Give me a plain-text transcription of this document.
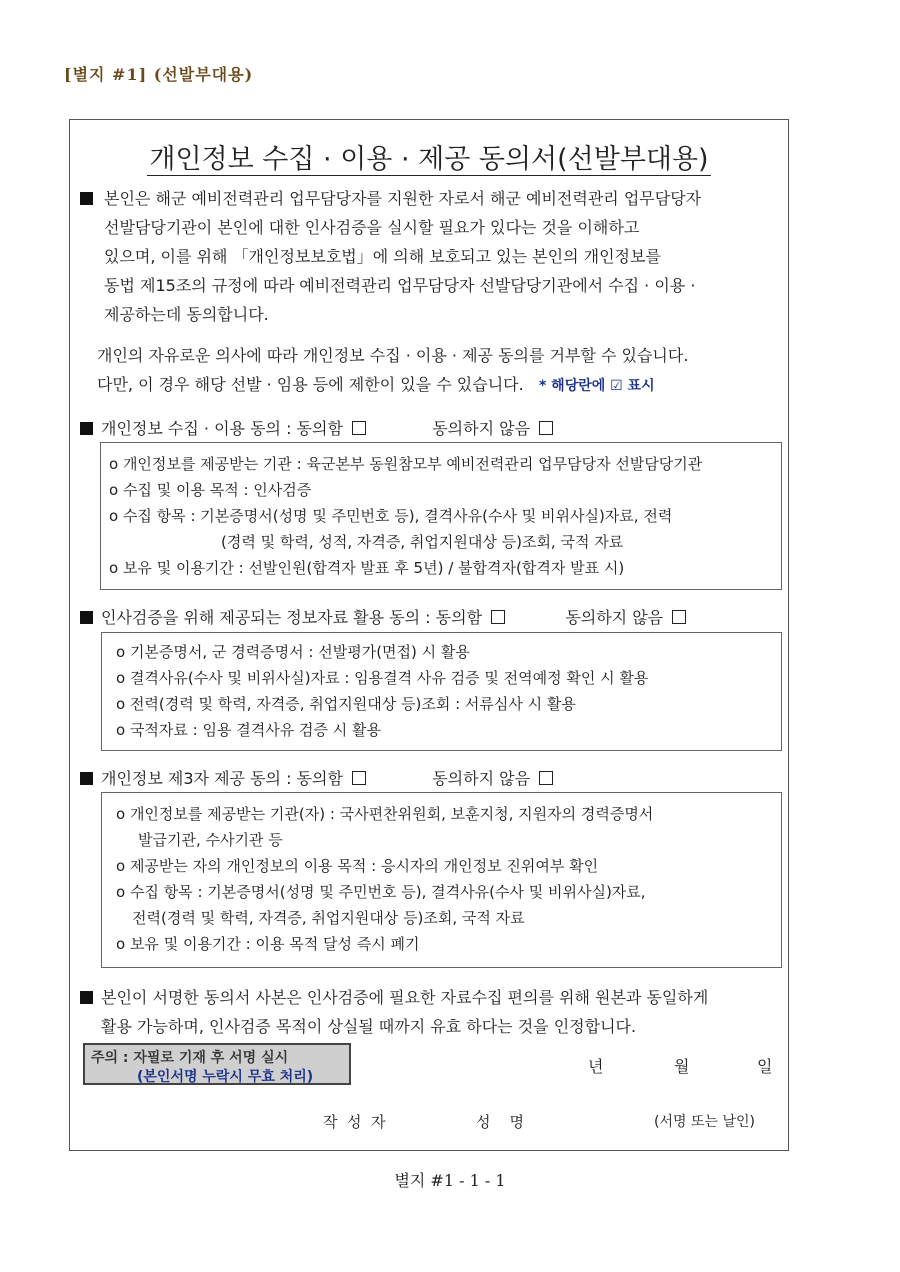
[별지 #1] (선발부대용)
개인정보 수집 · 이용 · 제공 동의서(선발부대용)
본인은 해군 예비전력관리 업무담당자를 지원한 자로서 해군 예비전력관리 업무담당자
선발담당기관이 본인에 대한 인사검증을 실시할 필요가 있다는 것을 이해하고
있으며, 이를 위해 「개인정보보호법」에 의해 보호되고 있는 본인의 개인정보를
동법 제15조의 규정에 따라 예비전력관리 업무담당자 선발담당기관에서 수집 · 이용 ·
제공하는데 동의합니다.
개인의 자유로운 의사에 따라 개인정보 수집 · 이용 · 제공 동의를 거부할 수 있습니다.
다만, 이 경우 해당 선발 · 임용 등에 제한이 있을 수 있습니다. * 해당란에 ☑ 표시
개인정보 수집 · 이용 동의 : 동의함	동의하지 않음
o 개인정보를 제공받는 기관 : 육군본부 동원참모부 예비전력관리 업무담당자 선발담당기관
o 수집 및 이용 목적 : 인사검증
o 수집 항목 : 기본증명서(성명 및 주민번호 등), 결격사유(수사 및 비위사실)자료, 전력
(경력 및 학력, 성적, 자격증, 취업지원대상 등)조회, 국적 자료
o 보유 및 이용기간 : 선발인원(합격자 발표 후 5년) / 불합격자(합격자 발표 시)
인사검증을 위해 제공되는 정보자료 활용 동의 : 동의함	동의하지 않음
o 기본증명서, 군 경력증명서 : 선발평가(면접) 시 활용
o 결격사유(수사 및 비위사실)자료 : 임용결격 사유 검증 및 전역예정 확인 시 활용
o 전력(경력 및 학력, 자격증, 취업지원대상 등)조회 : 서류심사 시 활용
o 국적자료 : 임용 결격사유 검증 시 활용
개인정보 제3자 제공 동의 : 동의함	동의하지 않음
o 개인정보를 제공받는 기관(자) : 국사편찬위원회, 보훈지청, 지원자의 경력증명서
발급기관, 수사기관 등
o 제공받는 자의 개인정보의 이용 목적 : 응시자의 개인정보 진위여부 확인
o 수집 항목 : 기본증명서(성명 및 주민번호 등), 결격사유(수사 및 비위사실)자료,
전력(경력 및 학력, 자격증, 취업지원대상 등)조회, 국적 자료
o 보유 및 이용기간 : 이용 목적 달성 즉시 폐기
본인이 서명한 동의서 사본은 인사검증에 필요한 자료수집 편의를 위해 원본과 동일하게
활용 가능하며, 인사검증 목적이 상실될 때까지 유효 하다는 것을 인정합니다.
주의 : 자필로 기재 후 서명 실시
(본인서명 누락시 무효 처리)
년	월	일
작  성  자	성    명	(서명 또는 날인)
별지 #1 - 1 - 1
